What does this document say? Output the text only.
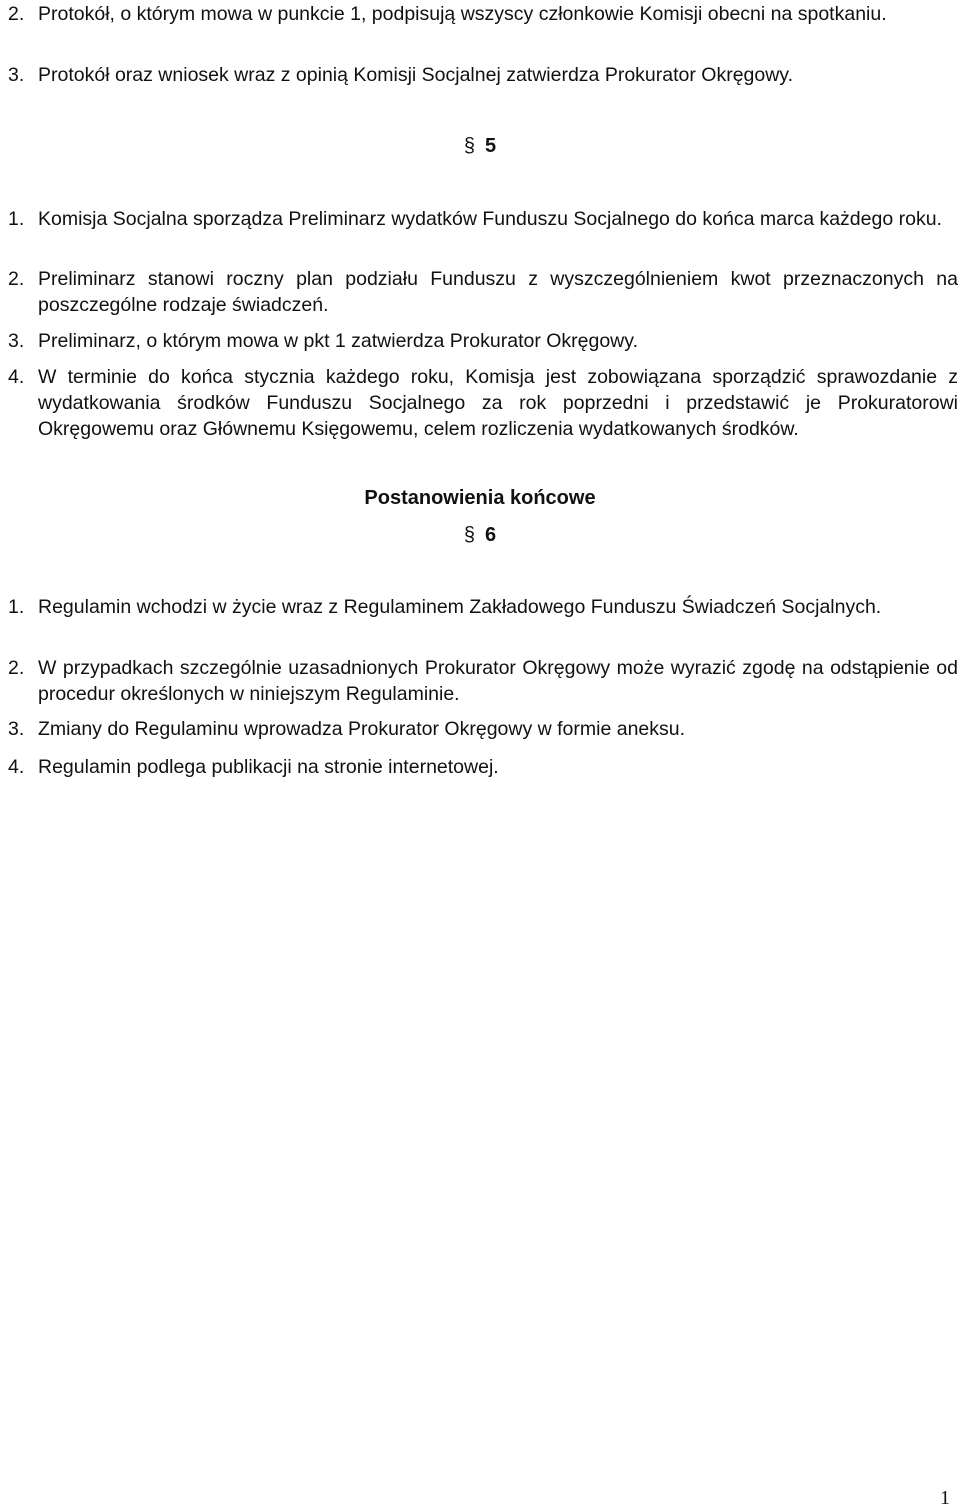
2. Protokół, o którym mowa w punkcie 1, podpisują wszyscy członkowie Komisji obecni na spotkaniu.
3. Protokół oraz wniosek wraz z opinią Komisji Socjalnej zatwierdza Prokurator Okręgowy.
§ 5
1. Komisja Socjalna sporządza Preliminarz wydatków Funduszu Socjalnego do końca marca każdego roku.
2. Preliminarz stanowi roczny plan podziału Funduszu z wyszczególnieniem kwot przeznaczonych na poszczególne rodzaje świadczeń.
3. Preliminarz, o którym mowa w pkt 1 zatwierdza Prokurator Okręgowy.
4. W terminie do końca stycznia każdego roku, Komisja jest zobowiązana sporządzić sprawozdanie z wydatkowania środków Funduszu Socjalnego za rok poprzedni i przedstawić je Prokuratorowi Okręgowemu oraz Głównemu Księgowemu, celem rozliczenia wydatkowanych środków.
Postanowienia końcowe
§ 6
1. Regulamin wchodzi w życie wraz z Regulaminem Zakładowego Funduszu Świadczeń Socjalnych.
2. W przypadkach szczególnie uzasadnionych Prokurator Okręgowy może wyrazić zgodę na odstąpienie od procedur określonych w niniejszym Regulaminie.
3. Zmiany do Regulaminu wprowadza Prokurator Okręgowy w formie aneksu.
4. Regulamin podlega publikacji na stronie internetowej.
1
